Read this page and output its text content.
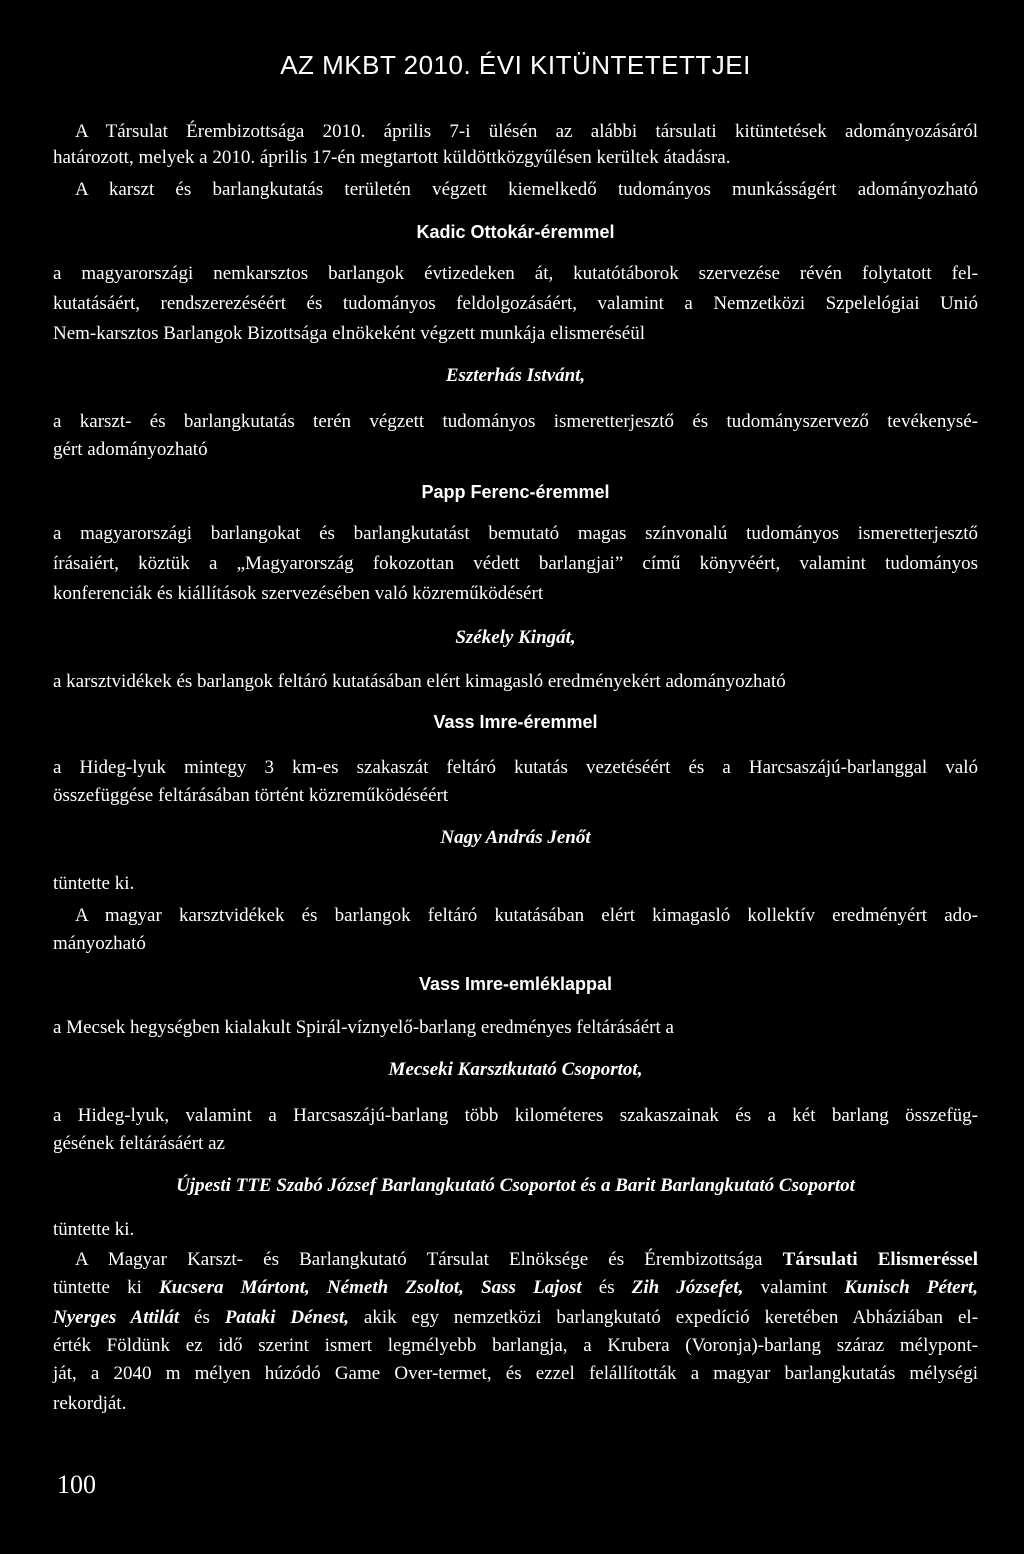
AZ MKBT 2010. ÉVI KITÜNTETETTJEI
A Társulat Érembizottsága 2010. április 7-i ülésén az alábbi társulati kitüntetések adományozásáról
határozott, melyek a 2010. április 17-én megtartott küldöttközgyűlésen kerültek átadásra.
A karszt és barlangkutatás területén végzett kiemelkedő tudományos munkásságért adományozható
Kadic Ottokár-éremmel
a magyarországi nemkarsztos barlangok évtizedeken át, kutatótáborok szervezése révén folytatott fel-
kutatásáért, rendszerezéséért és tudományos feldolgozásáért, valamint a Nemzetközi Szpelelógiai Unió
Nem-karsztos Barlangok Bizottsága elnökeként végzett munkája elismeréséül
Eszterhás Istvánt,
a karszt- és barlangkutatás terén végzett tudományos ismeretterjesztő és tudományszervező tevékenysé-
gért adományozható
Papp Ferenc-éremmel
a magyarországi barlangokat és barlangkutatást bemutató magas színvonalú tudományos ismeretterjesztő
írásaiért, köztük a „Magyarország fokozottan védett barlangjai” című könyvéért, valamint tudományos
konferenciák és kiállítások szervezésében való közreműködésért
Székely Kingát,
a karsztvidékek és barlangok feltáró kutatásában elért kimagasló eredményekért adományozható
Vass Imre-éremmel
a Hideg-lyuk mintegy 3 km-es szakaszát feltáró kutatás vezetéséért és a Harcsaszájú-barlanggal való
összefüggése feltárásában történt közreműködéséért
Nagy András Jenőt
tüntette ki.
A magyar karsztvidékek és barlangok feltáró kutatásában elért kimagasló kollektív eredményért ado-
mányozható
Vass Imre-emléklappal
a Mecsek hegységben kialakult Spirál-víznyelő-barlang eredményes feltárásáért a
Mecseki Karsztkutató Csoportot,
a Hideg-lyuk, valamint a Harcsaszájú-barlang több kilométeres szakaszainak és a két barlang összefüg-
gésének feltárásáért az
Újpesti TTE Szabó József Barlangkutató Csoportot és a Barit Barlangkutató Csoportot
tüntette ki.
A Magyar Karszt- és Barlangkutató Társulat Elnöksége és Érembizottsága Társulati Elismeréssel
tüntette ki Kucsera Mártont, Németh Zsoltot, Sass Lajost és Zih Józsefet, valamint Kunisch Pétert,
Nyerges Attilát és Pataki Dénest, akik egy nemzetközi barlangkutató expedíció keretében Abháziában el-
érték Földünk ez idő szerint ismert legmélyebb barlangja, a Krubera (Voronja)-barlang száraz mélypont-
ját, a 2040 m mélyen húzódó Game Over-termet, és ezzel felállították a magyar barlangkutatás mélységi
rekordját.
100
